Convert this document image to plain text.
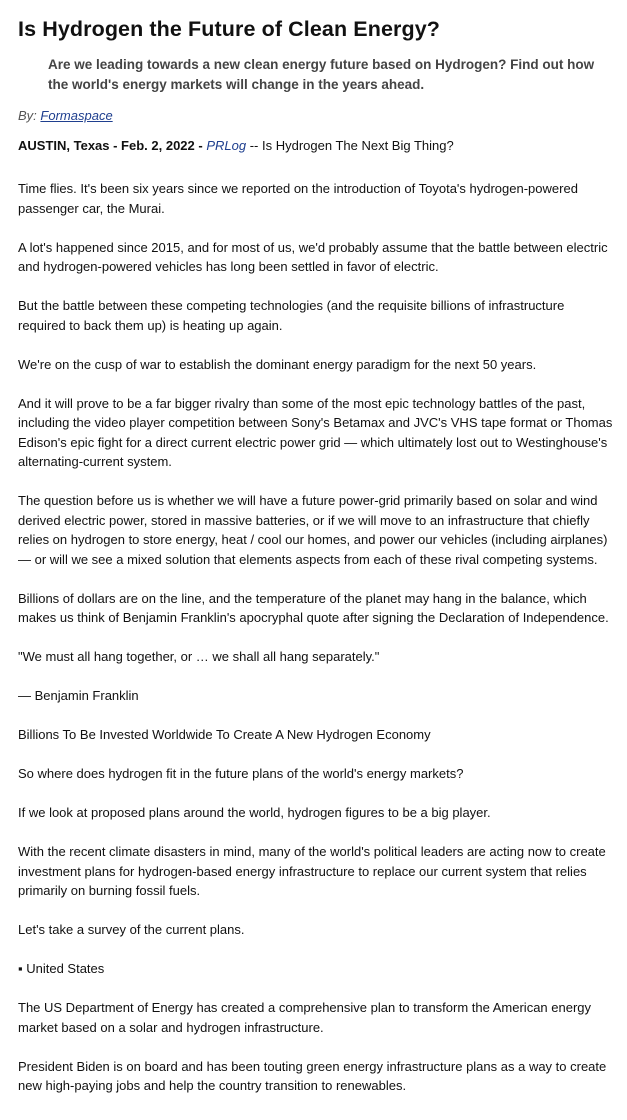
Is Hydrogen the Future of Clean Energy?
Are we leading towards a new clean energy future based on Hydrogen? Find out how the world's energy markets will change in the years ahead.
By: Formaspace
AUSTIN, Texas - Feb. 2, 2022 - PRLog -- Is Hydrogen The Next Big Thing?

Time flies. It's been six years since we reported on the introduction of Toyota's hydrogen-powered passenger car, the Murai.

A lot's happened since 2015, and for most of us, we'd probably assume that the battle between electric and hydrogen-powered vehicles has long been settled in favor of electric.

But the battle between these competing technologies (and the requisite billions of infrastructure required to back them up) is heating up again.

We're on the cusp of war to establish the dominant energy paradigm for the next 50 years.

And it will prove to be a far bigger rivalry than some of the most epic technology battles of the past, including the video player competition between Sony's Betamax and JVC's VHS tape format or Thomas Edison's epic fight for a direct current electric power grid — which ultimately lost out to Westinghouse's alternating-current system.

The question before us is whether we will have a future power-grid primarily based on solar and wind derived electric power, stored in massive batteries, or if we will move to an infrastructure that chiefly relies on hydrogen to store energy, heat / cool our homes, and power our vehicles (including airplanes) — or will we see a mixed solution that elements aspects from each of these rival competing systems.

Billions of dollars are on the line, and the temperature of the planet may hang in the balance, which makes us think of Benjamin Franklin's apocryphal quote after signing the Declaration of Independence.

"We must all hang together, or … we shall all hang separately."

— Benjamin Franklin

Billions To Be Invested Worldwide To Create A New Hydrogen Economy

So where does hydrogen fit in the future plans of the world's energy markets?

If we look at proposed plans around the world, hydrogen figures to be a big player.

With the recent climate disasters in mind, many of the world's political leaders are acting now to create investment plans for hydrogen-based energy infrastructure to replace our current system that relies primarily on burning fossil fuels.

Let's take a survey of the current plans.

▪ United States

The US Department of Energy has created a comprehensive plan to transform the American energy market based on a solar and hydrogen infrastructure.

President Biden is on board and has been touting green energy infrastructure plans as a way to create new high-paying jobs and help the country transition to renewables.
